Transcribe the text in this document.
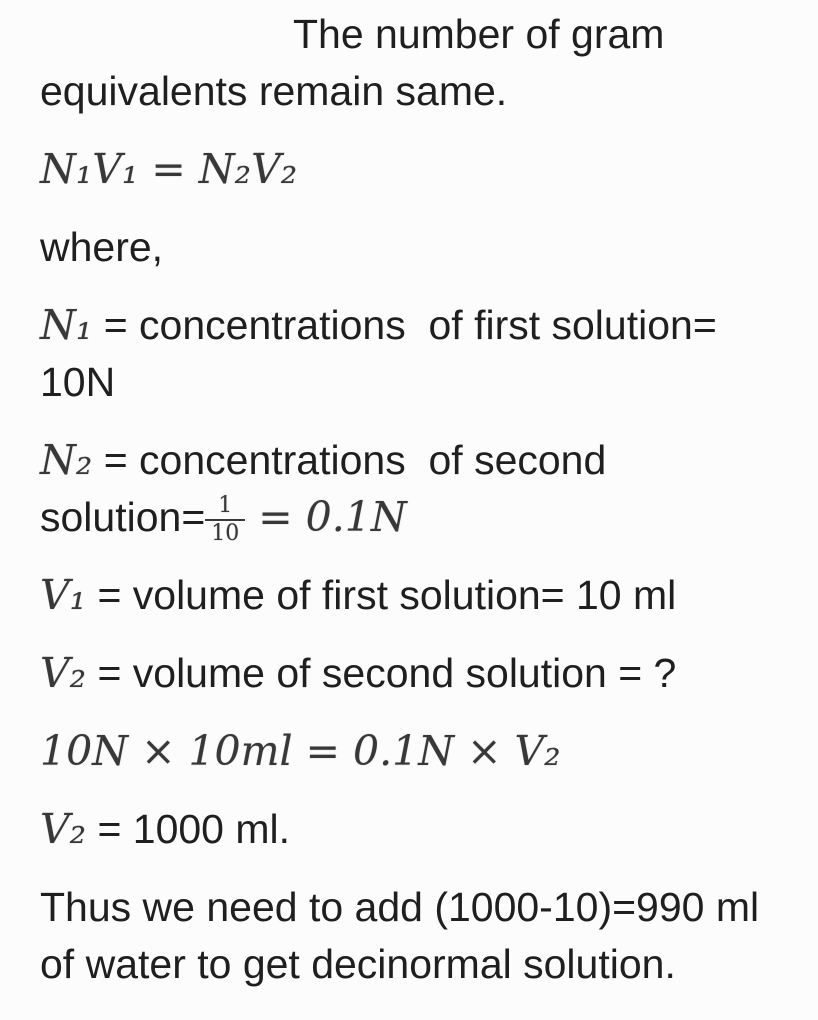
The number of gram
equivalents remain same.

N₁V₁ = N₂V₂

where,

N₁ = concentrations  of first solution=
10N

N₂ = concentrations  of second
solution= $\frac{1}{10} = 0.1N$

V₁ = volume of first solution= 10 ml

V₂ = volume of second solution = ?

10N × 10ml = 0.1N × V₂

V₂ = 1000 ml.

Thus we need to add (1000-10)=990 ml
of water to get decinormal solution.
